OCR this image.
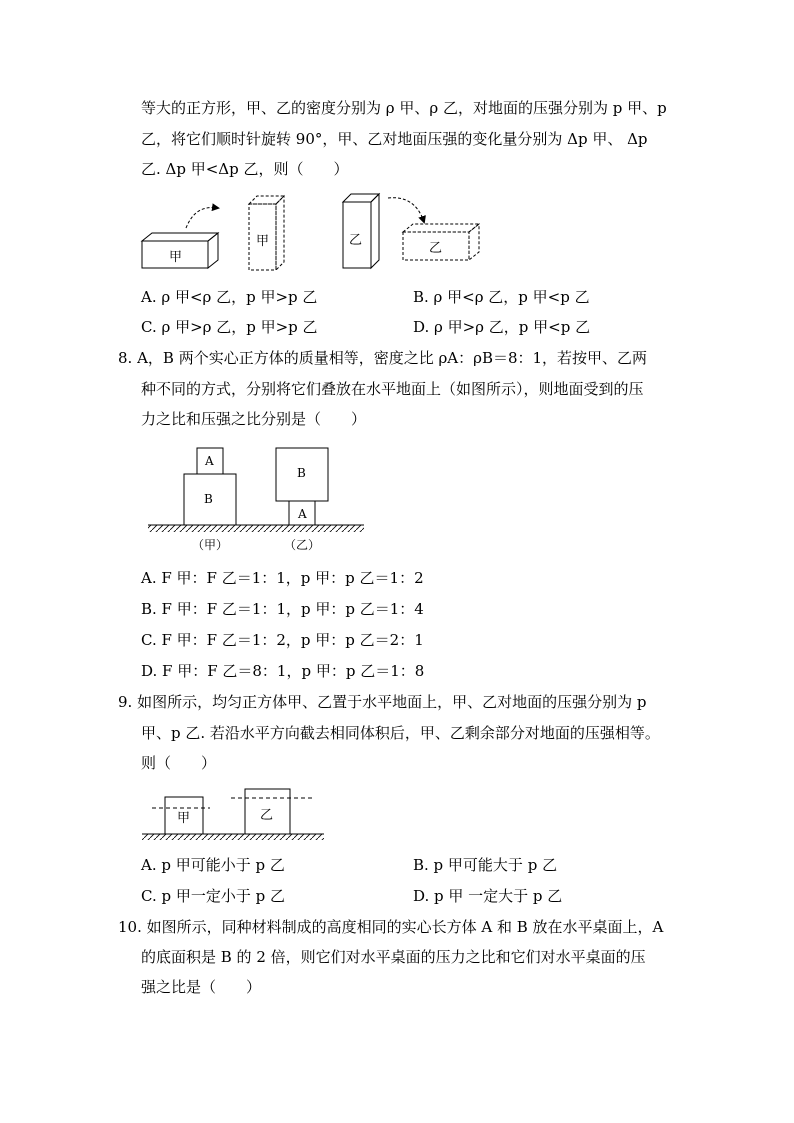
等大的正方形，甲、乙的密度分别为 ρ 甲、ρ 乙，对地面的压强分别为 p 甲、p
乙，将它们顺时针旋转 90°，甲、乙对地面压强的变化量分别为 Δp 甲、 Δp
乙. Δp 甲<Δp 乙，则（　　）
甲
甲	乙
乙
A. ρ 甲<ρ 乙，p 甲>p 乙	B. ρ 甲<ρ 乙，p 甲<p 乙
C. ρ 甲>ρ 乙，p 甲>p 乙	D. ρ 甲>ρ 乙，p 甲<p 乙
8. A，B 两个实心正方体的质量相等，密度之比 ρA：ρB＝8：1，若按甲、乙两
种不同的方式，分别将它们叠放在水平地面上（如图所示），则地面受到的压
力之比和压强之比分别是（　　）
B
A
A
B
（甲）	（乙）
A. F 甲：F 乙＝1：1，p 甲：p 乙＝1：2
B. F 甲：F 乙＝1：1，p 甲：p 乙＝1：4
C. F 甲：F 乙＝1：2，p 甲：p 乙＝2：1
D. F 甲：F 乙＝8：1，p 甲：p 乙＝1：8
9. 如图所示，均匀正方体甲、乙置于水平地面上，甲、乙对地面的压强分别为 p
甲、p 乙. 若沿水平方向截去相同体积后，甲、乙剩余部分对地面的压强相等。
则（　　）
甲	乙
A. p 甲可能小于 p 乙	B. p 甲可能大于 p 乙
C. p 甲一定小于 p 乙	D. p 甲 一定大于 p 乙
10. 如图所示，同种材料制成的高度相同的实心长方体 A 和 B 放在水平桌面上，A
的底面积是 B 的 2 倍，则它们对水平桌面的压力之比和它们对水平桌面的压
强之比是（　　）
